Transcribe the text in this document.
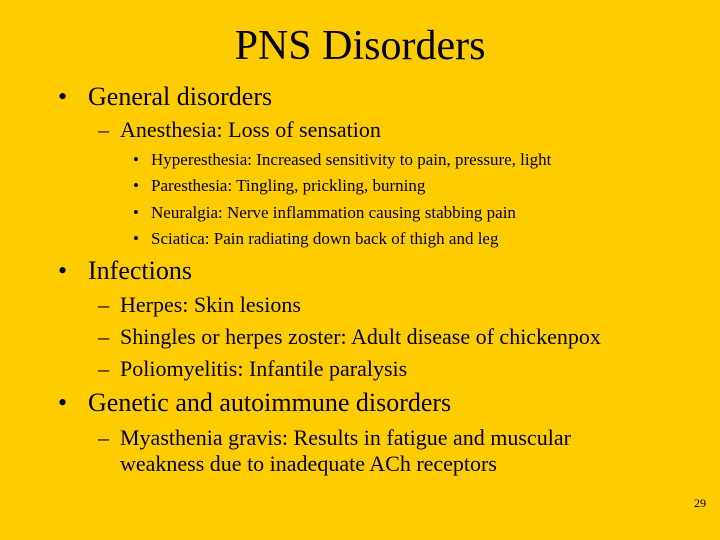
PNS Disorders
• General disorders
– Anesthesia: Loss of sensation
• Hyperesthesia: Increased sensitivity to pain, pressure, light
• Paresthesia: Tingling, prickling, burning
• Neuralgia: Nerve inflammation causing stabbing pain
• Sciatica: Pain radiating down back of thigh and leg
• Infections
– Herpes: Skin lesions
– Shingles or herpes zoster: Adult disease of chickenpox
– Poliomyelitis: Infantile paralysis
• Genetic and autoimmune disorders
– Myasthenia gravis: Results in fatigue and muscular weakness due to inadequate ACh receptors
29
